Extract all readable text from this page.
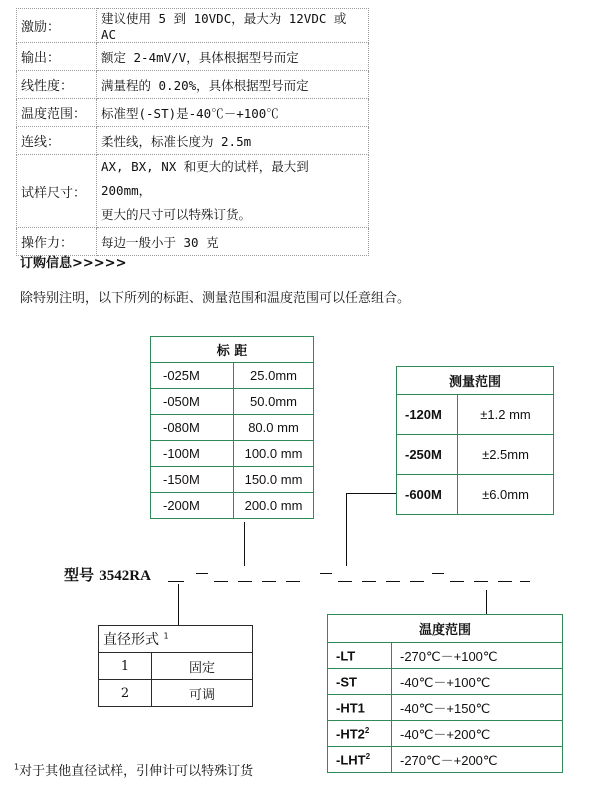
激励：	建议使用 5 到 10VDC，最大为 12VDC 或 AC
输出：	额定 2-4mV/V，具体根据型号而定
线性度：	满量程的 0.20%，具体根据型号而定
温度范围：	标准型(-ST)是-40℃－+100℃
连线：	柔性线，标准长度为 2.5m
试样尺寸：	AX, BX, NX 和更大的试样，最大到 200mm，
更大的尺寸可以特殊订货。

操作力：	每边一般小于 30 克
订购信息>>>>>
除特别注明，以下所列的标距、测量范围和温度范围可以任意组合。
标 距	
-025M	25.0mm
-050M	50.0mm
-080M	80.0 mm
-100M	100.0 mm
-150M	150.0 mm
-200M	200.0 mm
测量范围	
-120M	±1.2 mm
-250M	±2.5mm
-600M	±6.0mm
型号 3542RA
直径形式 $^1$
1	固定
2	可调
温度范围	
-LT	-270℃－+100℃
-ST	-40℃－+100℃
-HT1	-40℃－+150℃
$-HT2^2$	-40℃－+200℃
-LHT$^2$	-270℃－+200℃
$^1$对于其他直径试样，引伸计可以特殊订货
